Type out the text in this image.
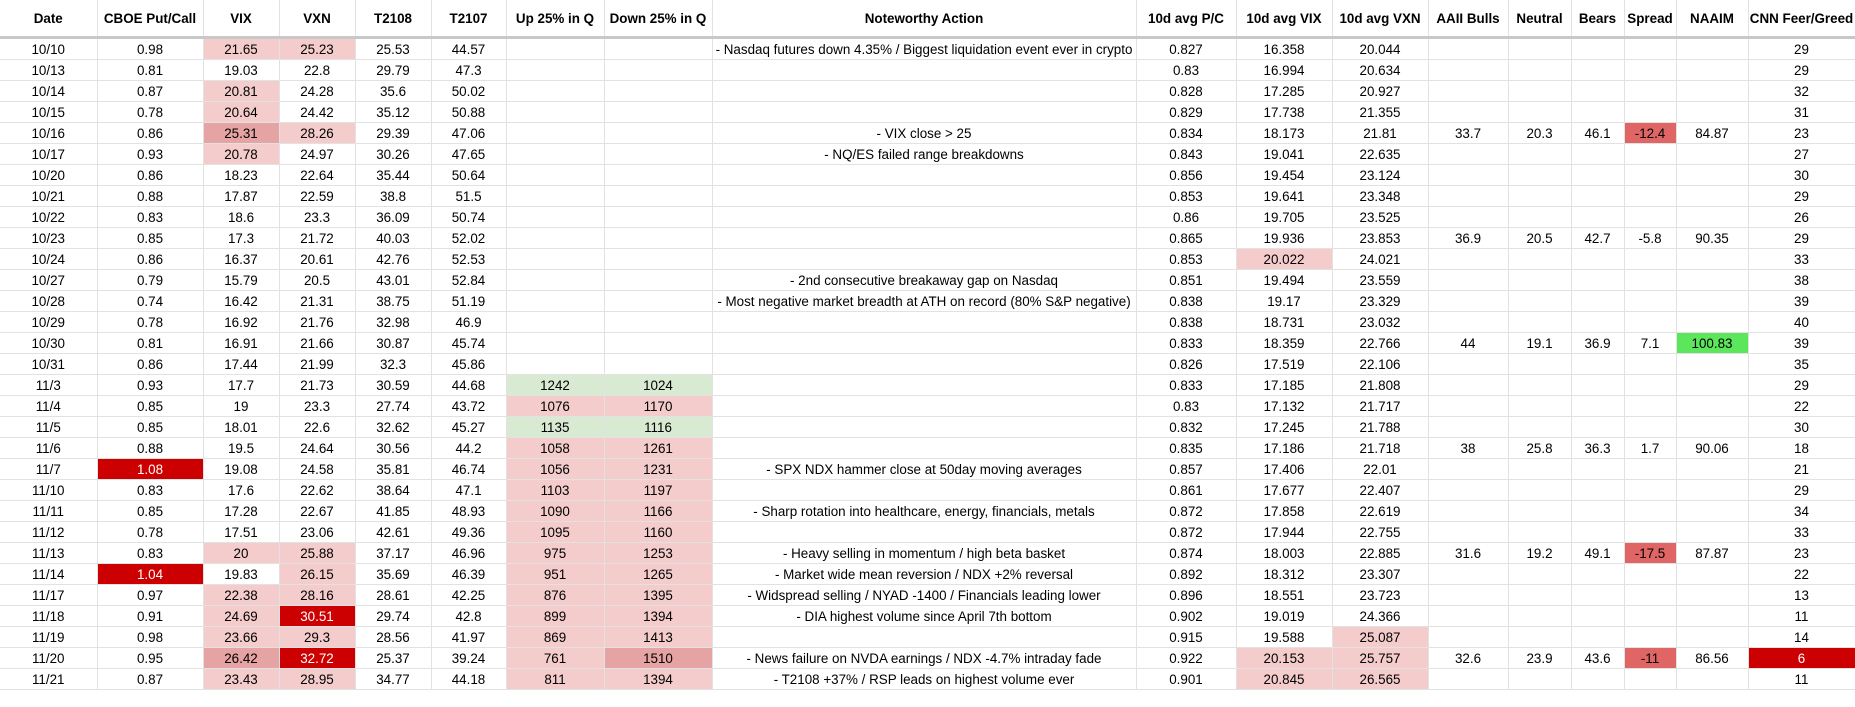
Date	CBOE Put/Call	VIX	VXN	T2108	T2107	Up 25% in Q	Down 25% in Q	Noteworthy Action	10d avg P/C	10d avg VIX	10d avg VXN	AAII Bulls	Neutral	Bears	Spread	NAAIM	CNN Feer/Greed
10/10	0.98	21.65	25.23	25.53	44.57			- Nasdaq futures down 4.35% / Biggest liquidation event ever in crypto	0.827	16.358	20.044						29
10/13	0.81	19.03	22.8	29.79	47.3				0.83	16.994	20.634						29
10/14	0.87	20.81	24.28	35.6	50.02				0.828	17.285	20.927						32
10/15	0.78	20.64	24.42	35.12	50.88				0.829	17.738	21.355						31
10/16	0.86	25.31	28.26	29.39	47.06			- VIX close > 25	0.834	18.173	21.81	33.7	20.3	46.1	-12.4	84.87	23
10/17	0.93	20.78	24.97	30.26	47.65			- NQ/ES failed range breakdowns	0.843	19.041	22.635						27
10/20	0.86	18.23	22.64	35.44	50.64				0.856	19.454	23.124						30
10/21	0.88	17.87	22.59	38.8	51.5				0.853	19.641	23.348						29
10/22	0.83	18.6	23.3	36.09	50.74				0.86	19.705	23.525						26
10/23	0.85	17.3	21.72	40.03	52.02				0.865	19.936	23.853	36.9	20.5	42.7	-5.8	90.35	29
10/24	0.86	16.37	20.61	42.76	52.53				0.853	20.022	24.021						33
10/27	0.79	15.79	20.5	43.01	52.84			- 2nd consecutive breakaway gap on Nasdaq	0.851	19.494	23.559						38
10/28	0.74	16.42	21.31	38.75	51.19			- Most negative market breadth at ATH on record (80% S&P negative)	0.838	19.17	23.329						39
10/29	0.78	16.92	21.76	32.98	46.9				0.838	18.731	23.032						40
10/30	0.81	16.91	21.66	30.87	45.74				0.833	18.359	22.766	44	19.1	36.9	7.1	100.83	39
10/31	0.86	17.44	21.99	32.3	45.86				0.826	17.519	22.106						35
11/3	0.93	17.7	21.73	30.59	44.68	1242	1024		0.833	17.185	21.808						29
11/4	0.85	19	23.3	27.74	43.72	1076	1170		0.83	17.132	21.717						22
11/5	0.85	18.01	22.6	32.62	45.27	1135	1116		0.832	17.245	21.788						30
11/6	0.88	19.5	24.64	30.56	44.2	1058	1261		0.835	17.186	21.718	38	25.8	36.3	1.7	90.06	18
11/7	1.08	19.08	24.58	35.81	46.74	1056	1231	- SPX NDX hammer close at 50day moving averages	0.857	17.406	22.01						21
11/10	0.83	17.6	22.62	38.64	47.1	1103	1197		0.861	17.677	22.407						29
11/11	0.85	17.28	22.67	41.85	48.93	1090	1166	- Sharp rotation into healthcare, energy, financials, metals	0.872	17.858	22.619						34
11/12	0.78	17.51	23.06	42.61	49.36	1095	1160		0.872	17.944	22.755						33
11/13	0.83	20	25.88	37.17	46.96	975	1253	- Heavy selling in momentum / high beta basket	0.874	18.003	22.885	31.6	19.2	49.1	-17.5	87.87	23
11/14	1.04	19.83	26.15	35.69	46.39	951	1265	- Market wide mean reversion / NDX +2% reversal	0.892	18.312	23.307						22
11/17	0.97	22.38	28.16	28.61	42.25	876	1395	- Widspread selling / NYAD -1400 / Financials leading lower	0.896	18.551	23.723						13
11/18	0.91	24.69	30.51	29.74	42.8	899	1394	- DIA highest volume since April 7th bottom	0.902	19.019	24.366						11
11/19	0.98	23.66	29.3	28.56	41.97	869	1413		0.915	19.588	25.087						14
11/20	0.95	26.42	32.72	25.37	39.24	761	1510	- News failure on NVDA earnings / NDX -4.7% intraday fade	0.922	20.153	25.757	32.6	23.9	43.6	-11	86.56	6
11/21	0.87	23.43	28.95	34.77	44.18	811	1394	- T2108 +37% / RSP leads on highest volume ever	0.901	20.845	26.565						11
